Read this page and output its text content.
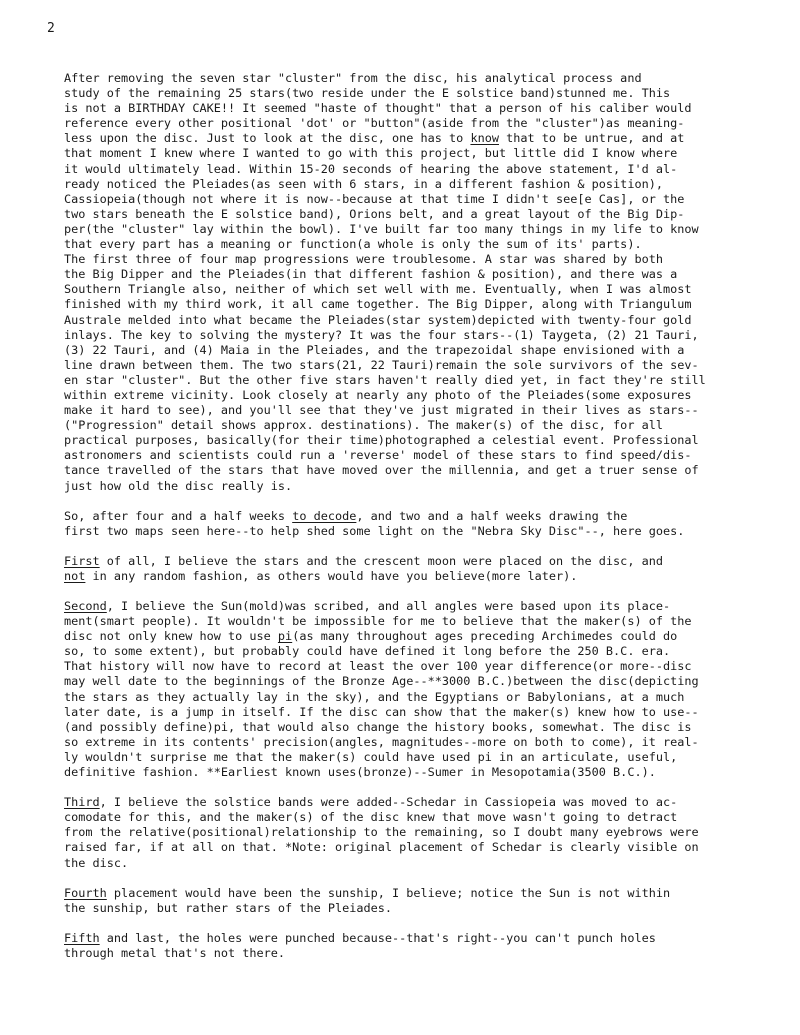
2

After removing the seven star "cluster" from the disc, his analytical process and
study of the remaining 25 stars(two reside under the E solstice band)stunned me. This
is not a BIRTHDAY CAKE!! It seemed "haste of thought" that a person of his caliber would
reference every other positional 'dot' or "button"(aside from the "cluster")as meaning-
less upon the disc. Just to look at the disc, one has to know that to be untrue, and at
that moment I knew where I wanted to go with this project, but little did I know where
it would ultimately lead. Within 15-20 seconds of hearing the above statement, I'd al-
ready noticed the Pleiades(as seen with 6 stars, in a different fashion & position),
Cassiopeia(though not where it is now--because at that time I didn't see[e Cas], or the
two stars beneath the E solstice band), Orions belt, and a great layout of the Big Dip-
per(the "cluster" lay within the bowl). I've built far too many things in my life to know
that every part has a meaning or function(a whole is only the sum of its' parts).

The first three of four map progressions were troublesome. A star was shared by both
the Big Dipper and the Pleiades(in that different fashion & position), and there was a
Southern Triangle also, neither of which set well with me. Eventually, when I was almost
finished with my third work, it all came together. The Big Dipper, along with Triangulum
Australe melded into what became the Pleiades(star system)depicted with twenty-four gold
inlays. The key to solving the mystery? It was the four stars--(1) Taygeta, (2) 21 Tauri,
(3) 22 Tauri, and (4) Maia in the Pleiades, and the trapezoidal shape envisioned with a
line drawn between them. The two stars(21, 22 Tauri)remain the sole survivors of the sev-
en star "cluster". But the other five stars haven't really died yet, in fact they're still
within extreme vicinity. Look closely at nearly any photo of the Pleiades(some exposures
make it hard to see), and you'll see that they've just migrated in their lives as stars--
("Progression" detail shows approx. destinations). The maker(s) of the disc, for all
practical purposes, basically(for their time)photographed a celestial event. Professional
astronomers and scientists could run a 'reverse' model of these stars to find speed/dis-
tance travelled of the stars that have moved over the millennia, and get a truer sense of
just how old the disc really is.

So, after four and a half weeks to decode, and two and a half weeks drawing the
first two maps seen here--to help shed some light on the "Nebra Sky Disc"--, here goes.

First of all, I believe the stars and the crescent moon were placed on the disc, and
not in any random fashion, as others would have you believe(more later).

Second, I believe the Sun(mold)was scribed, and all angles were based upon its place-
ment(smart people). It wouldn't be impossible for me to believe that the maker(s) of the
disc not only knew how to use pi(as many throughout ages preceding Archimedes could do
so, to some extent), but probably could have defined it long before the 250 B.C. era.
That history will now have to record at least the over 100 year difference(or more--disc
may well date to the beginnings of the Bronze Age--**3000 B.C.)between the disc(depicting
the stars as they actually lay in the sky), and the Egyptians or Babylonians, at a much
later date, is a jump in itself. If the disc can show that the maker(s) knew how to use--
(and possibly define)pi, that would also change the history books, somewhat. The disc is
so extreme in its contents' precision(angles, magnitudes--more on both to come), it real-
ly wouldn't surprise me that the maker(s) could have used pi in an articulate, useful,
definitive fashion. **Earliest known uses(bronze)--Sumer in Mesopotamia(3500 B.C.).

Third, I believe the solstice bands were added--Schedar in Cassiopeia was moved to ac-
comodate for this, and the maker(s) of the disc knew that move wasn't going to detract
from the relative(positional)relationship to the remaining, so I doubt many eyebrows were
raised far, if at all on that. *Note: original placement of Schedar is clearly visible on
the disc.

Fourth placement would have been the sunship, I believe; notice the Sun is not within
the sunship, but rather stars of the Pleiades.

Fifth and last, the holes were punched because--that's right--you can't punch holes
through metal that's not there.
